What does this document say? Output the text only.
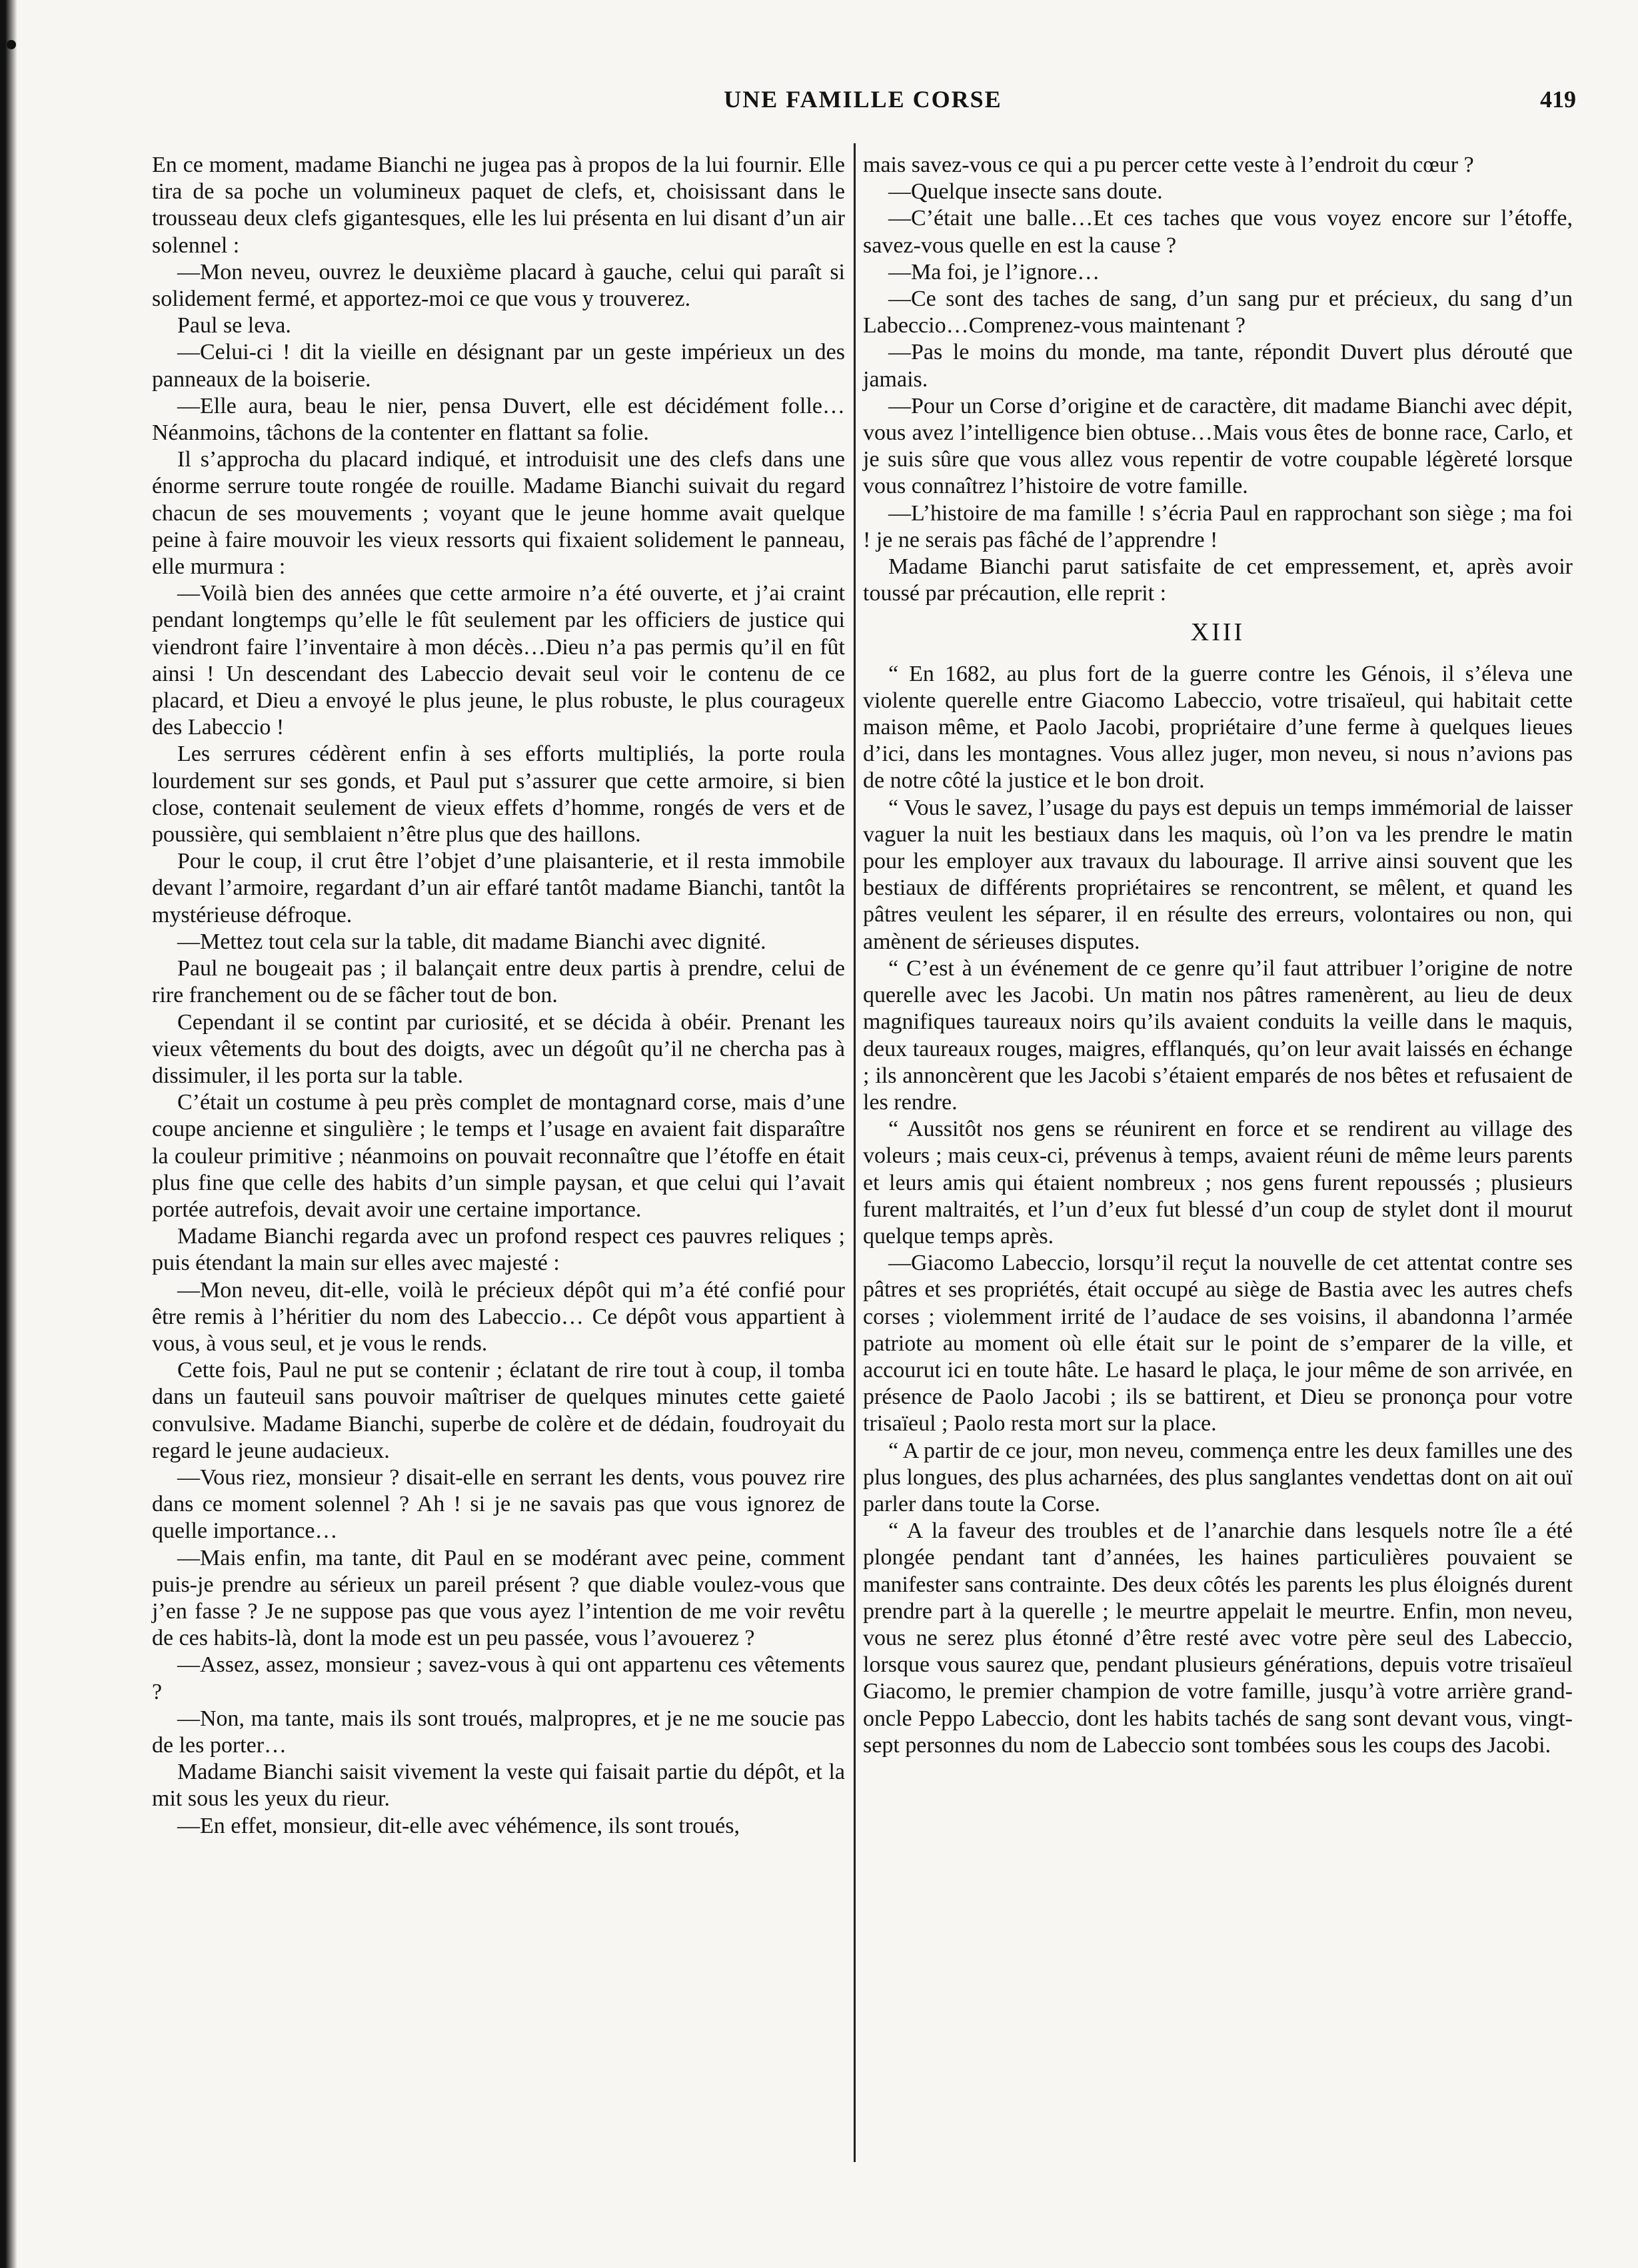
UNE FAMILLE CORSE	419

En ce moment, madame Bianchi ne jugea pas à propos de la lui fournir. Elle tira de sa poche un volumineux paquet de clefs, et, choisissant dans le trousseau deux clefs gigantesques, elle les lui présenta en lui disant d’un air solennel :

—Mon neveu, ouvrez le deuxième placard à gauche, celui qui paraît si solidement fermé, et apportez-moi ce que vous y trouverez.

Paul se leva.

—Celui-ci ! dit la vieille en désignant par un geste impérieux un des panneaux de la boiserie.

—Elle aura, beau le nier, pensa Duvert, elle est décidément folle…Néanmoins, tâchons de la contenter en flattant sa folie.

Il s’approcha du placard indiqué, et introduisit une des clefs dans une énorme serrure toute rongée de rouille. Madame Bianchi suivait du regard chacun de ses mouvements ; voyant que le jeune homme avait quelque peine à faire mouvoir les vieux ressorts qui fixaient solidement le panneau, elle murmura :

—Voilà bien des années que cette armoire n’a été ouverte, et j’ai craint pendant longtemps qu’elle le fût seulement par les officiers de justice qui viendront faire l’inventaire à mon décès…Dieu n’a pas permis qu’il en fût ainsi ! Un descendant des Labeccio devait seul voir le contenu de ce placard, et Dieu a envoyé le plus jeune, le plus robuste, le plus courageux des Labeccio !

Les serrures cédèrent enfin à ses efforts multipliés, la porte roula lourdement sur ses gonds, et Paul put s’assurer que cette armoire, si bien close, contenait seulement de vieux effets d’homme, rongés de vers et de poussière, qui semblaient n’être plus que des haillons.

Pour le coup, il crut être l’objet d’une plaisanterie, et il resta immobile devant l’armoire, regardant d’un air effaré tantôt madame Bianchi, tantôt la mystérieuse défroque.

—Mettez tout cela sur la table, dit madame Bianchi avec dignité.

Paul ne bougeait pas ; il balançait entre deux partis à prendre, celui de rire franchement ou de se fâcher tout de bon.

Cependant il se contint par curiosité, et se décida à obéir. Prenant les vieux vêtements du bout des doigts, avec un dégoût qu’il ne chercha pas à dissimuler, il les porta sur la table.

C’était un costume à peu près complet de montagnard corse, mais d’une coupe ancienne et singulière ; le temps et l’usage en avaient fait disparaître la couleur primitive ; néanmoins on pouvait reconnaître que l’étoffe en était plus fine que celle des habits d’un simple paysan, et que celui qui l’avait portée autrefois, devait avoir une certaine importance.

Madame Bianchi regarda avec un profond respect ces pauvres reliques ; puis étendant la main sur elles avec majesté :

—Mon neveu, dit-elle, voilà le précieux dépôt qui m’a été confié pour être remis à l’héritier du nom des Labeccio… Ce dépôt vous appartient à vous, à vous seul, et je vous le rends.

Cette fois, Paul ne put se contenir ; éclatant de rire tout à coup, il tomba dans un fauteuil sans pouvoir maîtriser de quelques minutes cette gaieté convulsive. Madame Bianchi, superbe de colère et de dédain, foudroyait du regard le jeune audacieux.

—Vous riez, monsieur ? disait-elle en serrant les dents, vous pouvez rire dans ce moment solennel ? Ah ! si je ne savais pas que vous ignorez de quelle importance…

—Mais enfin, ma tante, dit Paul en se modérant avec peine, comment puis-je prendre au sérieux un pareil présent ? que diable voulez-vous que j’en fasse ? Je ne suppose pas que vous ayez l’intention de me voir revêtu de ces habits-là, dont la mode est un peu passée, vous l’avouerez ?

—Assez, assez, monsieur ; savez-vous à qui ont appartenu ces vêtements ?

—Non, ma tante, mais ils sont troués, malpropres, et je ne me soucie pas de les porter…

Madame Bianchi saisit vivement la veste qui faisait partie du dépôt, et la mit sous les yeux du rieur.

—En effet, monsieur, dit-elle avec véhémence, ils sont troués,

mais savez-vous ce qui a pu percer cette veste à l’endroit du cœur ?

—Quelque insecte sans doute.

—C’était une balle…Et ces taches que vous voyez encore sur l’étoffe, savez-vous quelle en est la cause ?

—Ma foi, je l’ignore…

—Ce sont des taches de sang, d’un sang pur et précieux, du sang d’un Labeccio…Comprenez-vous maintenant ?

—Pas le moins du monde, ma tante, répondit Duvert plus dérouté que jamais.

—Pour un Corse d’origine et de caractère, dit madame Bianchi avec dépit, vous avez l’intelligence bien obtuse…Mais vous êtes de bonne race, Carlo, et je suis sûre que vous allez vous repentir de votre coupable légèreté lorsque vous connaîtrez l’histoire de votre famille.

—L’histoire de ma famille ! s’écria Paul en rapprochant son siège ; ma foi ! je ne serais pas fâché de l’apprendre !

Madame Bianchi parut satisfaite de cet empressement, et, après avoir toussé par précaution, elle reprit :

XIII

“ En 1682, au plus fort de la guerre contre les Génois, il s’éleva une violente querelle entre Giacomo Labeccio, votre trisaïeul, qui habitait cette maison même, et Paolo Jacobi, propriétaire d’une ferme à quelques lieues d’ici, dans les montagnes. Vous allez juger, mon neveu, si nous n’avions pas de notre côté la justice et le bon droit.

“ Vous le savez, l’usage du pays est depuis un temps immémorial de laisser vaguer la nuit les bestiaux dans les maquis, où l’on va les prendre le matin pour les employer aux travaux du labourage. Il arrive ainsi souvent que les bestiaux de différents propriétaires se rencontrent, se mêlent, et quand les pâtres veulent les séparer, il en résulte des erreurs, volontaires ou non, qui amènent de sérieuses disputes.

“ C’est à un événement de ce genre qu’il faut attribuer l’origine de notre querelle avec les Jacobi. Un matin nos pâtres ramenèrent, au lieu de deux magnifiques taureaux noirs qu’ils avaient conduits la veille dans le maquis, deux taureaux rouges, maigres, efflanqués, qu’on leur avait laissés en échange ; ils annoncèrent que les Jacobi s’étaient emparés de nos bêtes et refusaient de les rendre.

“ Aussitôt nos gens se réunirent en force et se rendirent au village des voleurs ; mais ceux-ci, prévenus à temps, avaient réuni de même leurs parents et leurs amis qui étaient nombreux ; nos gens furent repoussés ; plusieurs furent maltraités, et l’un d’eux fut blessé d’un coup de stylet dont il mourut quelque temps après.

—Giacomo Labeccio, lorsqu’il reçut la nouvelle de cet attentat contre ses pâtres et ses propriétés, était occupé au siège de Bastia avec les autres chefs corses ; violemment irrité de l’audace de ses voisins, il abandonna l’armée patriote au moment où elle était sur le point de s’emparer de la ville, et accourut ici en toute hâte. Le hasard le plaça, le jour même de son arrivée, en présence de Paolo Jacobi ; ils se battirent, et Dieu se prononça pour votre trisaïeul ; Paolo resta mort sur la place.

“ A partir de ce jour, mon neveu, commença entre les deux familles une des plus longues, des plus acharnées, des plus sanglantes vendettas dont on ait ouï parler dans toute la Corse.

“ A la faveur des troubles et de l’anarchie dans lesquels notre île a été plongée pendant tant d’années, les haines particulières pouvaient se manifester sans contrainte. Des deux côtés les parents les plus éloignés durent prendre part à la querelle ; le meurtre appelait le meurtre. Enfin, mon neveu, vous ne serez plus étonné d’être resté avec votre père seul des Labeccio, lorsque vous saurez que, pendant plusieurs générations, depuis votre trisaïeul Giacomo, le premier champion de votre famille, jusqu’à votre arrière grand-oncle Peppo Labeccio, dont les habits tachés de sang sont devant vous, vingt-sept personnes du nom de Labeccio sont tombées sous les coups des Jacobi.
